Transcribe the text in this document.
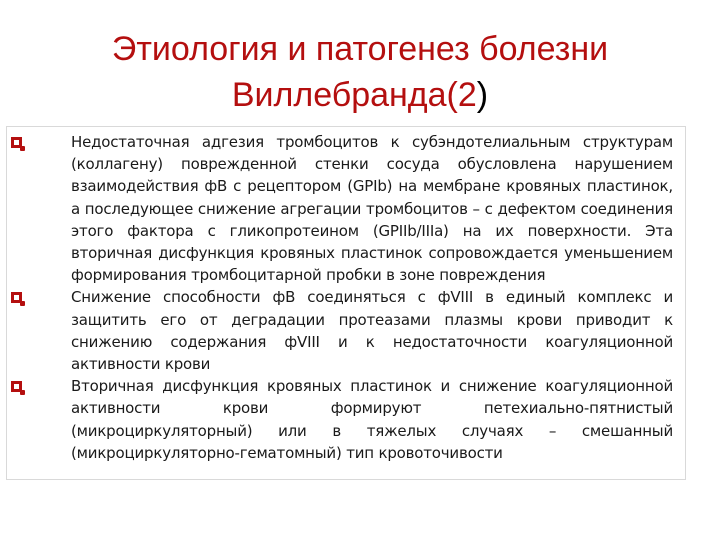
Этиология и патогенез болезни Виллебранда(2)
Недостаточная адгезия тромбоцитов к субэндотелиальным структурам (коллагену) поврежденной стенки сосуда обусловлена нарушением взаимодействия фВ с рецептором (GPIb) на мембране кровяных пластинок, а последующее снижение агрегации тромбоцитов – с дефектом соединения этого фактора с гликопротеином (GPIIb/IIIa) на их поверхности. Эта вторичная дисфункция кровяных пластинок сопровождается уменьшением формирования тромбоцитарной пробки в зоне повреждения
Снижение способности фВ соединяться с фVIII в единый комплекс и защитить его от деградации протеазами плазмы крови приводит к снижению содержания фVIII и к недостаточности коагуляционной активности крови
Вторичная дисфункция кровяных пластинок и снижение коагуляционной активности крови формируют петехиально-пятнистый (микроциркуляторный) или в тяжелых случаях – смешанный (микроциркуляторно-гематомный) тип кровоточивости
